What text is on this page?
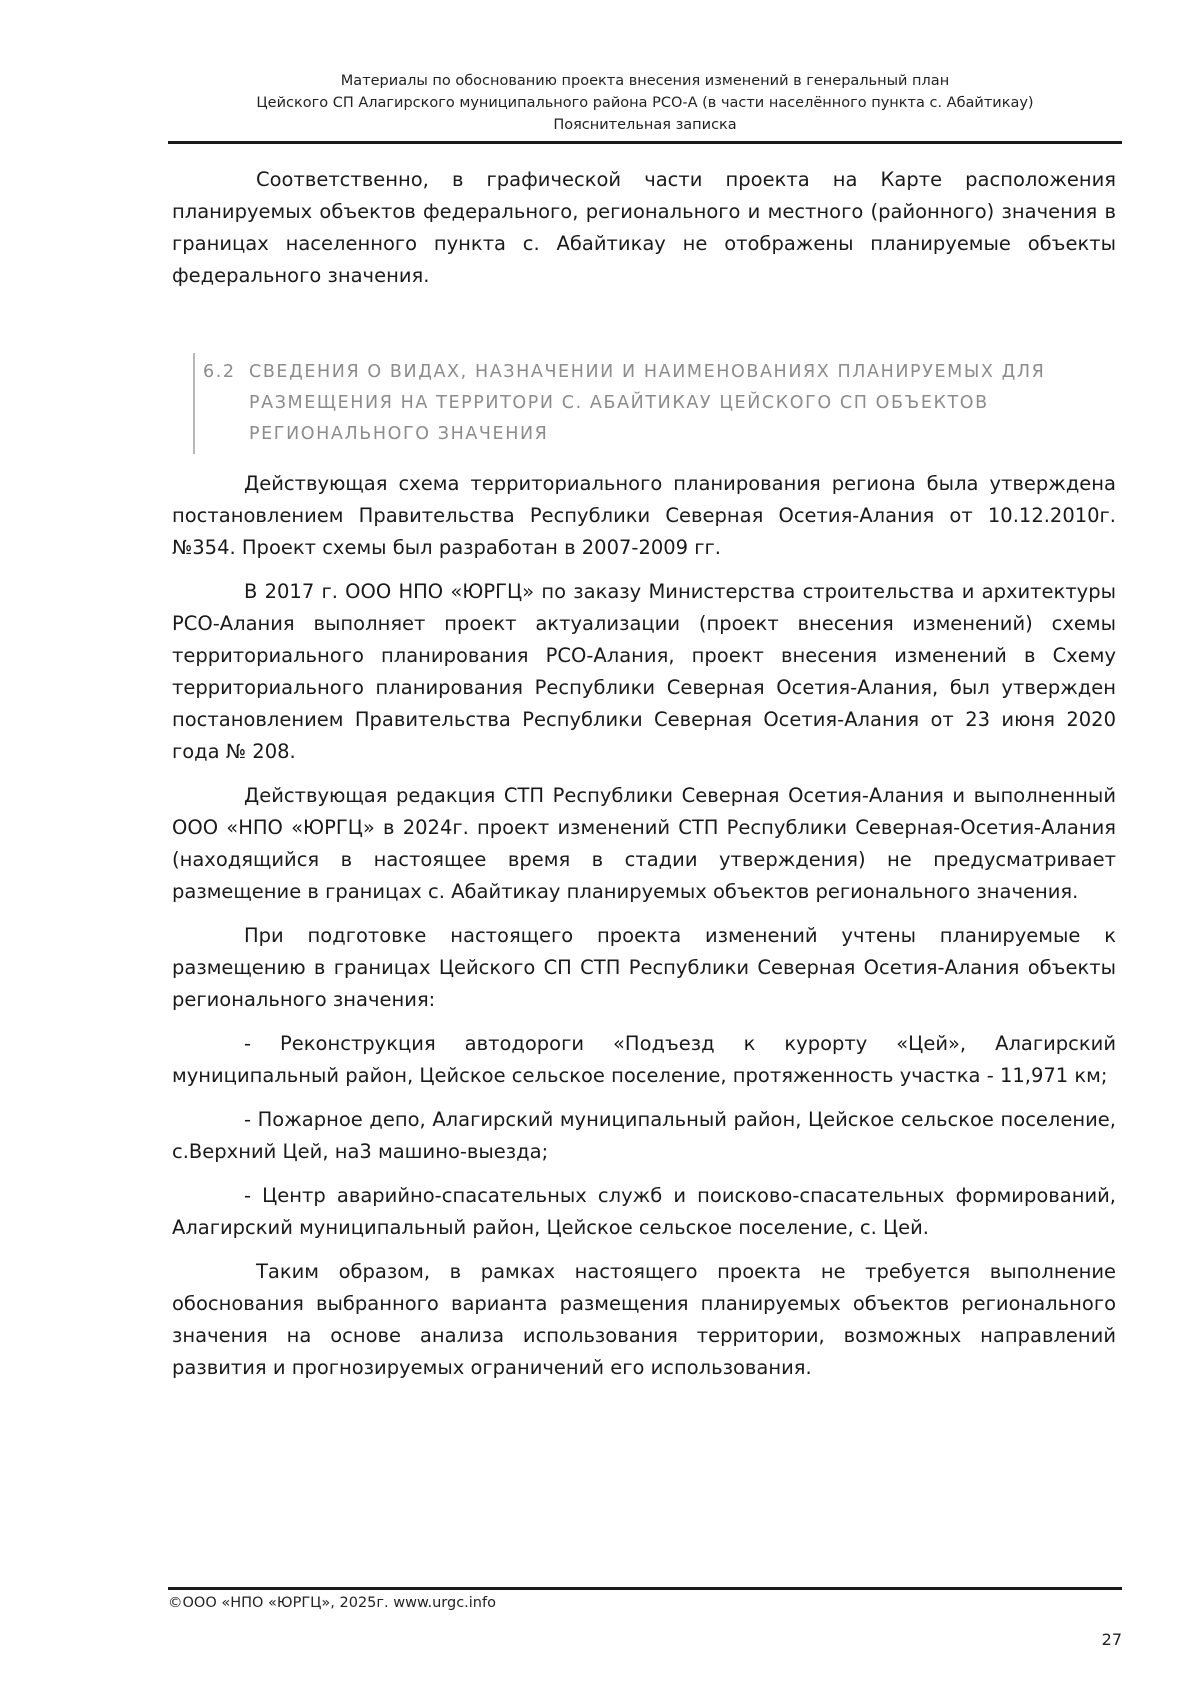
Материалы по обоснованию проекта внесения изменений в генеральный план
Цейского СП Алагирского муниципального района РСО-А (в части населённого пункта с. Абайтикау)
Пояснительная записка

Соответственно, в графической части проекта на Карте расположения планируемых объектов федерального, регионального и местного (районного) значения в границах населенного пункта с. Абайтикау не отображены планируемые объекты федерального значения.

6.2 СВЕДЕНИЯ О ВИДАХ, НАЗНАЧЕНИИ И НАИМЕНОВАНИЯХ ПЛАНИРУЕМЫХ ДЛЯ РАЗМЕЩЕНИЯ НА ТЕРРИТОРИ С. АБАЙТИКАУ ЦЕЙСКОГО СП ОБЪЕКТОВ РЕГИОНАЛЬНОГО ЗНАЧЕНИЯ

Действующая схема территориального планирования региона была утверждена постановлением Правительства Республики Северная Осетия-Алания от 10.12.2010г. №354. Проект схемы был разработан в 2007-2009 гг.

В 2017 г. ООО НПО «ЮРГЦ» по заказу Министерства строительства и архитектуры РСО-Алания выполняет проект актуализации (проект внесения изменений) схемы территориального планирования РСО-Алания, проект внесения изменений в Схему территориального планирования Республики Северная Осетия-Алания, был утвержден постановлением Правительства Республики Северная Осетия-Алания от 23 июня 2020 года № 208.

Действующая редакция СТП Республики Северная Осетия-Алания и выполненный ООО «НПО «ЮРГЦ» в 2024г. проект изменений СТП Республики Северная-Осетия-Алания (находящийся в настоящее время в стадии утверждения) не предусматривает размещение в границах с. Абайтикау планируемых объектов регионального значения.

При подготовке настоящего проекта изменений учтены планируемые к размещению в границах Цейского СП СТП Республики Северная Осетия-Алания объекты регионального значения:

- Реконструкция автодороги «Подъезд к курорту «Цей», Алагирский муниципальный район, Цейское сельское поселение, протяженность участка - 11,971 км;

- Пожарное депо, Алагирский муниципальный район, Цейское сельское поселение, с.Верхний Цей, на3 машино-выезда;

- Центр аварийно-спасательных служб и поисково-спасательных формирований, Алагирский муниципальный район, Цейское сельское поселение, с. Цей.

Таким образом, в рамках настоящего проекта не требуется выполнение обоснования выбранного варианта размещения планируемых объектов регионального значения на основе анализа использования территории, возможных направлений развития и прогнозируемых ограничений его использования.

©ООО «НПО «ЮРГЦ», 2025г. www.urgc.info
27
